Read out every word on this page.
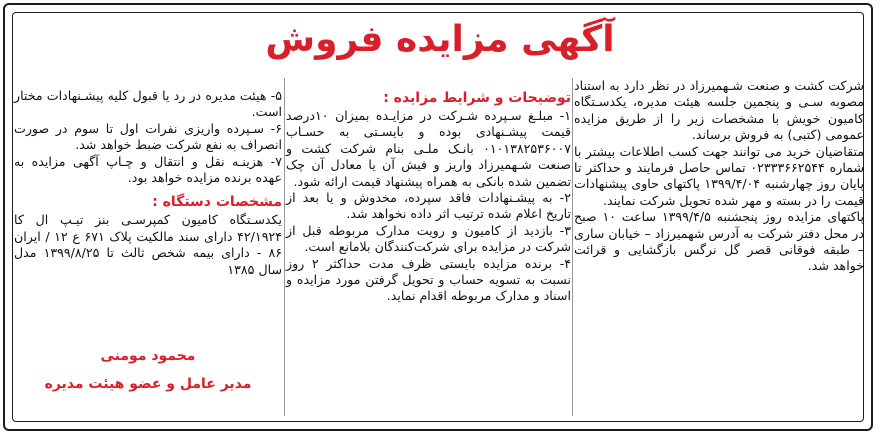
آگهی مزایده فروش

شرکت کشت و صنعت شـهمیرزاد در نظر دارد به استناد مصوبه سـی و پنجمین جلسه هیئت مدیره، یکدسـتگاه کامیون خویش با مشخصات زیر را از طریق مزایده عمومی (کتبی) به فروش برساند.

متقاضیان خرید می توانند جهت کسب اطلاعات بیشتر با شماره ۰۲۳۳۳۶۶۲۵۴۴ تماس حاصل فرمایند و حداکثر تا پایان روز چهارشنبه ۱۳۹۹/۴/۰۴ پاکتهای حاوی پیشنهادات قیمت را در بسته و مهر شده تحویل شرکت نمایند.

پاکتهای مزایده روز پنجشنبه ۱۳۹۹/۴/۵ ساعت ۱۰ صبح در محل دفتر شرکت به آدرس شهمیرزاد – خیابان ساری – طبقه فوقانی قصر گل نرگس بازگشایی و قرائت خواهد شد.

توضیحات و شرایط مزایده :

۱- مبلـغ سـپرده شـرکت در مزایـده بمیزان ۱۰درصد قیمت پیشـنهادی بوده و بایسـتی به حسـاب ۰۱۰۱۳۸۲۵۳۶۰۰۷ بانـک ملـی بنام شرکت کشت و صنعت شـهمیرزاد واریز و فیش آن یا معادل آن چک تضمین شده بانکی به همراه پیشنهاد قیمت ارائه شود.

۲- به پیشـنهادات فاقد سپرده، مخدوش و یا بعد از تاریخ اعلام شده ترتیب اثر داده نخواهد شد.

۳- بازدید از کامیون و رویت مدارک مربوطه قبل از شرکت در مزایده برای شرکت‌کنندگان بلامانع است.

۴- برنده مزایده بایستی ظرف مدت حداکثر ۲ روز نسبت به تسویه حساب و تحویل گرفتن مورد مزایده و اسناد و مدارک مربوطه اقدام نماید.

۵- هیئت مدیره در رد یا قبول کلیه پیشـنهادات مختار است.

۶- سـپرده واریزی نفرات اول تا سوم در صورت انصراف به نفع شرکت ضبط خواهد شد.

۷- هزینـه نقل و انتقال و چـاپ آگهی مزایده به عهده برنده مزایده خواهد بود.

مشخصات دستگاه :

یکدسـتگاه کامیون کمپرسـی بنز تیـپ ال کا ۴۲/۱۹۲۴ دارای سند مالکیت پلاک ۶۷۱ ع ۱۲ / ایران ۸۶ - دارای بیمه شخص ثالث تا ۱۳۹۹/۸/۲۵ مدل سال ۱۳۸۵

محمود مومنی
مدیر عامل و عضو هیئت مدیره
